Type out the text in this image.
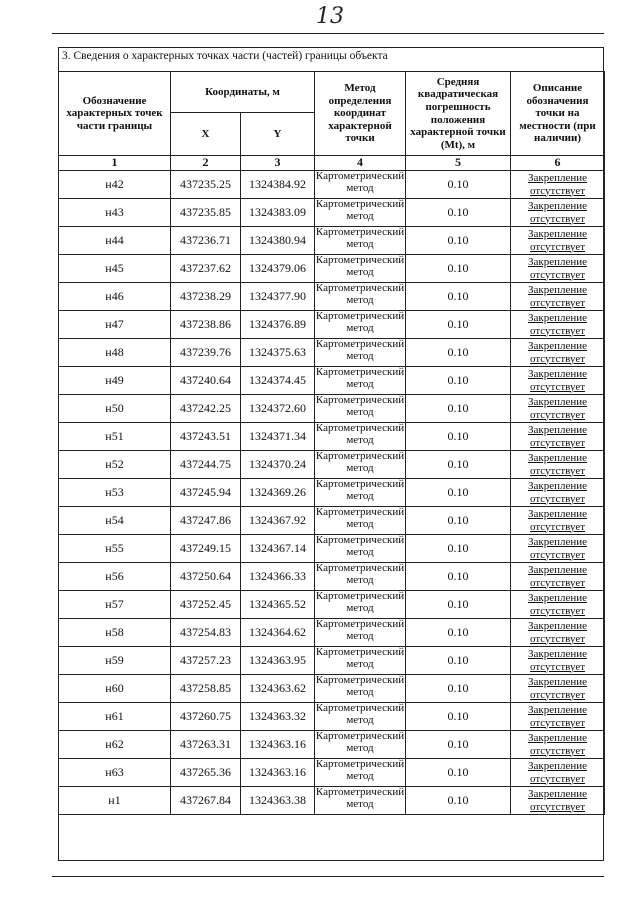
13
3. Сведения о характерных точках части (частей) границы объекта
Обозначение характерных точек части границы	Координаты, м		Метод определения координат характерной точки	Средняя квадратическая погрешность положения характерной точки (Mt), м	Описание обозначения точки на местности (при наличии)
	X	Y			
1	2	3	4	5	6
н42	437235.25	1324384.92	Картометрический метод	0.10	Закрепление отсутствует
н43	437235.85	1324383.09	Картометрический метод	0.10	Закрепление отсутствует
н44	437236.71	1324380.94	Картометрический метод	0.10	Закрепление отсутствует
н45	437237.62	1324379.06	Картометрический метод	0.10	Закрепление отсутствует
н46	437238.29	1324377.90	Картометрический метод	0.10	Закрепление отсутствует
н47	437238.86	1324376.89	Картометрический метод	0.10	Закрепление отсутствует
н48	437239.76	1324375.63	Картометрический метод	0.10	Закрепление отсутствует
н49	437240.64	1324374.45	Картометрический метод	0.10	Закрепление отсутствует
н50	437242.25	1324372.60	Картометрический метод	0.10	Закрепление отсутствует
н51	437243.51	1324371.34	Картометрический метод	0.10	Закрепление отсутствует
н52	437244.75	1324370.24	Картометрический метод	0.10	Закрепление отсутствует
н53	437245.94	1324369.26	Картометрический метод	0.10	Закрепление отсутствует
н54	437247.86	1324367.92	Картометрический метод	0.10	Закрепление отсутствует
н55	437249.15	1324367.14	Картометрический метод	0.10	Закрепление отсутствует
н56	437250.64	1324366.33	Картометрический метод	0.10	Закрепление отсутствует
н57	437252.45	1324365.52	Картометрический метод	0.10	Закрепление отсутствует
н58	437254.83	1324364.62	Картометрический метод	0.10	Закрепление отсутствует
н59	437257.23	1324363.95	Картометрический метод	0.10	Закрепление отсутствует
н60	437258.85	1324363.62	Картометрический метод	0.10	Закрепление отсутствует
н61	437260.75	1324363.32	Картометрический метод	0.10	Закрепление отсутствует
н62	437263.31	1324363.16	Картометрический метод	0.10	Закрепление отсутствует
н63	437265.36	1324363.16	Картометрический метод	0.10	Закрепление отсутствует
н1	437267.84	1324363.38	Картометрический метод	0.10	Закрепление отсутствует
